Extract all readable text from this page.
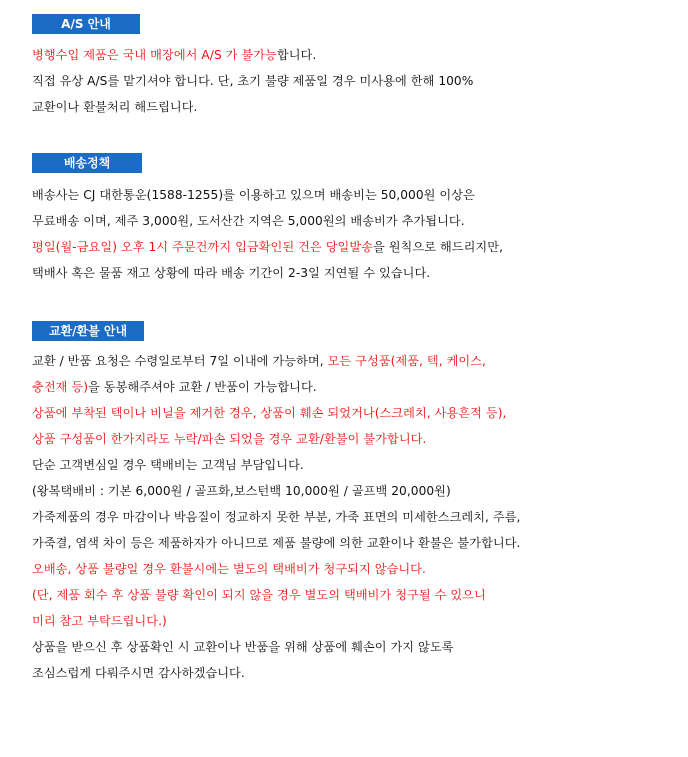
A/S 안내
병행수입 제품은 국내 매장에서 A/S 가 불가능합니다.
직접 유상 A/S를 맡기셔야 합니다. 단, 초기 불량 제품일 경우 미사용에 한해 100%
교환이나 환불처리 해드립니다.
배송정책
배송사는 CJ 대한통운(1588-1255)를 이용하고 있으며 배송비는 50,000원 이상은
무료배송 이며, 제주 3,000원, 도서산간 지역은 5,000원의 배송비가 추가됩니다.
평일(월-금요일) 오후 1시 주문건까지 입금확인된 건은 당일발송을 원칙으로 해드리지만,
택배사 혹은 물품 재고 상황에 따라 배송 기간이 2-3일 지연될 수 있습니다.
교환/환불 안내
교환 / 반품 요청은 수령일로부터 7일 이내에 가능하며, 모든 구성품(제품, 텍, 케이스,
충전재 등)을 동봉해주셔야 교환 / 반품이 가능합니다.
상품에 부착된 텍이나 비닐을 제거한 경우, 상품이 훼손 되었거나(스크레치, 사용흔적 등),
상품 구성품이 한가지라도 누락/파손 되었을 경우 교환/환불이 불가합니다.
단순 고객변심일 경우 택배비는 고객님 부담입니다.
(왕복택배비 : 기본 6,000원 / 골프화,보스턴백 10,000원 / 골프백 20,000원)
가죽제품의 경우 마감이나 박음질이 정교하지 못한 부분, 가죽 표면의 미세한스크레치, 주름,
가죽결, 염색 차이 등은 제품하자가 아니므로 제품 불량에 의한 교환이나 환불은 불가합니다.
오배송, 상품 불량일 경우 환불시에는 별도의 택배비가 청구되지 않습니다.
(단, 제품 회수 후 상품 불량 확인이 되지 않을 경우 별도의 택배비가 청구될 수 있으니
미리 참고 부탁드립니다.)
상품을 받으신 후 상품확인 시 교환이나 반품을 위해 상품에 훼손이 가지 않도록
조심스럽게 다뤄주시면 감사하겠습니다.
